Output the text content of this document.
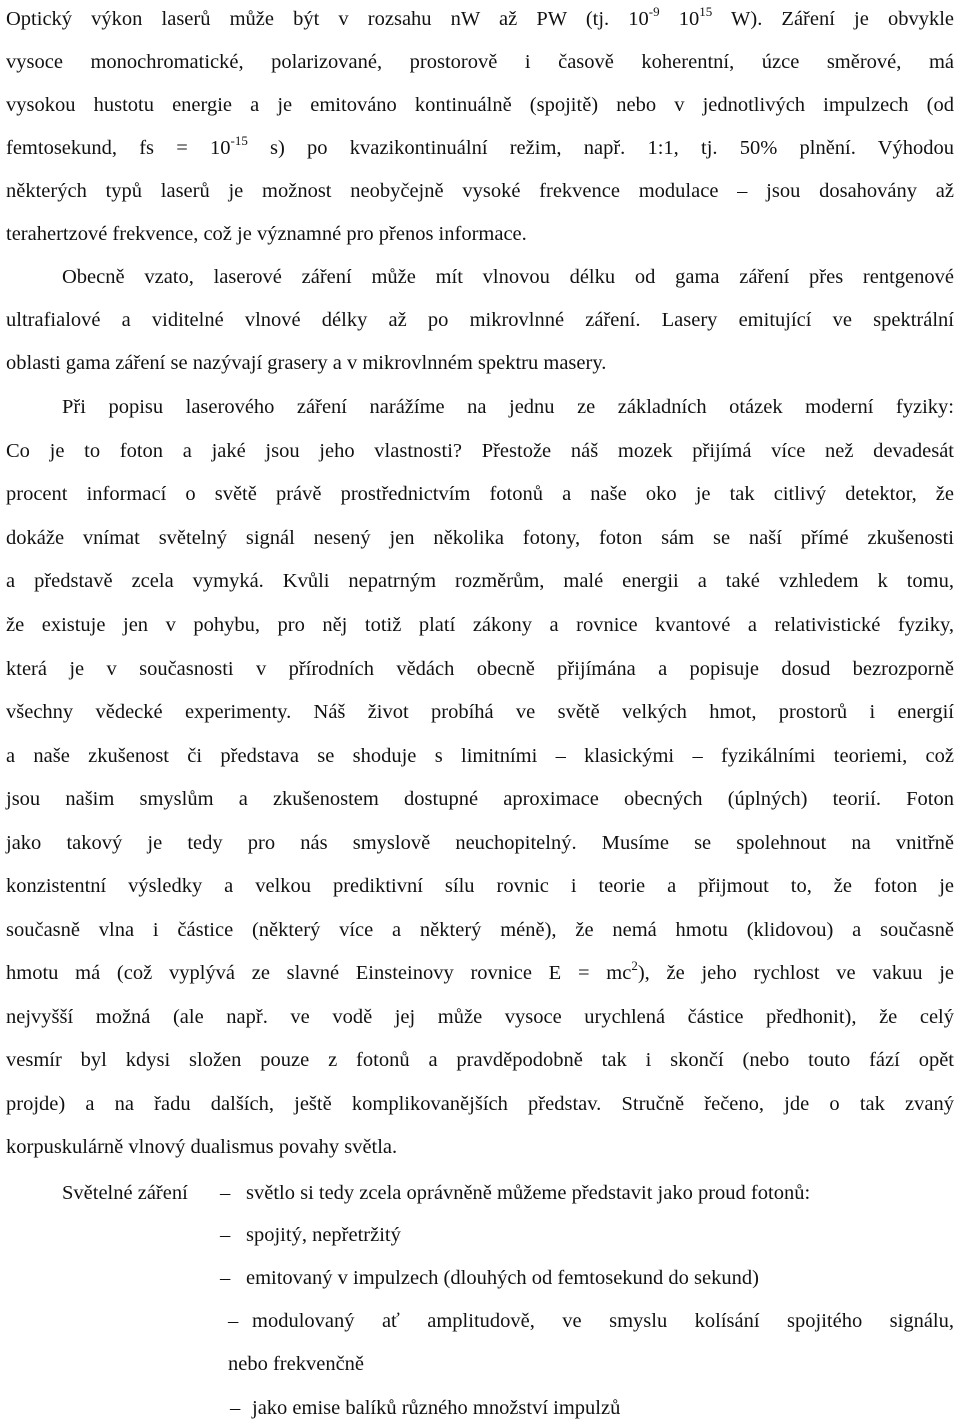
Optický výkon laserů může být v rozsahu nW až PW (tj. $10^{-9}$ $10^{15}$ W). Záření je obvykle
vysoce monochromatické, polarizované, prostorově i časově koherentní, úzce směrové, má
vysokou hustotu energie a je emitováno kontinuálně (spojitě) nebo v jednotlivých impulzech (od
femtosekund, fs = $10^{-15}$ s) po kvazikontinuální režim, např. 1:1, tj. 50% plnění. Výhodou
některých typů laserů je možnost neobyčejně vysoké frekvence modulace – jsou dosahovány až
terahertzové frekvence, což je významné pro přenos informace.
Obecně vzato, laserové záření může mít vlnovou délku od gama záření přes rentgenové
ultrafialové a viditelné vlnové délky až po mikrovlnné záření. Lasery emitující ve spektrální
oblasti gama záření se nazývají grasery a v mikrovlnném spektru masery.
Při popisu laserového záření narážíme na jednu ze základních otázek moderní fyziky:
Co je to foton a jaké jsou jeho vlastnosti? Přestože náš mozek přijímá více než devadesát
procent informací o světě právě prostřednictvím fotonů a naše oko je tak citlivý detektor, že
dokáže vnímat světelný signál nesený jen několika fotony, foton sám se naší přímé zkušenosti
a představě zcela vymyká. Kvůli nepatrným rozměrům, malé energii a také vzhledem k tomu,
že existuje jen v pohybu, pro něj totiž platí zákony a rovnice kvantové a relativistické fyziky,
která je v současnosti v přírodních vědách obecně přijímána a popisuje dosud bezrozporně
všechny vědecké experimenty. Náš život probíhá ve světě velkých hmot, prostorů i energií
a naše zkušenost či představa se shoduje s limitními – klasickými – fyzikálními teoriemi, což
jsou našim smyslům a zkušenostem dostupné aproximace obecných (úplných) teorií. Foton
jako takový je tedy pro nás smyslově neuchopitelný. Musíme se spolehnout na vnitřně
konzistentní výsledky a velkou prediktivní sílu rovnic i teorie a přijmout to, že foton je
současně vlna i částice (některý více a některý méně), že nemá hmotu (klidovou) a současně
hmotu má (což vyplývá ze slavné Einsteinovy rovnice $E = mc^2$), že jeho rychlost ve vakuu je
nejvyšší možná (ale např. ve vodě jej může vysoce urychlená částice předhonit), že celý
vesmír byl kdysi složen pouze z fotonů a pravděpodobně tak i skončí (nebo touto fází opět
projde) a na řadu dalších, ještě komplikovanějších představ. Stručně řečeno, jde o tak zvaný
korpuskulárně vlnový dualismus povahy světla.
Světelné záření – světlo si tedy zcela oprávněně můžeme představit jako proud fotonů:
– spojitý, nepřetržitý
– emitovaný v impulzech (dlouhých od femtosekund do sekund)
– modulovaný ať amplitudově, ve smyslu kolísání spojitého signálu,
nebo frekvenčně
– jako emise balíků různého množství impulzů
